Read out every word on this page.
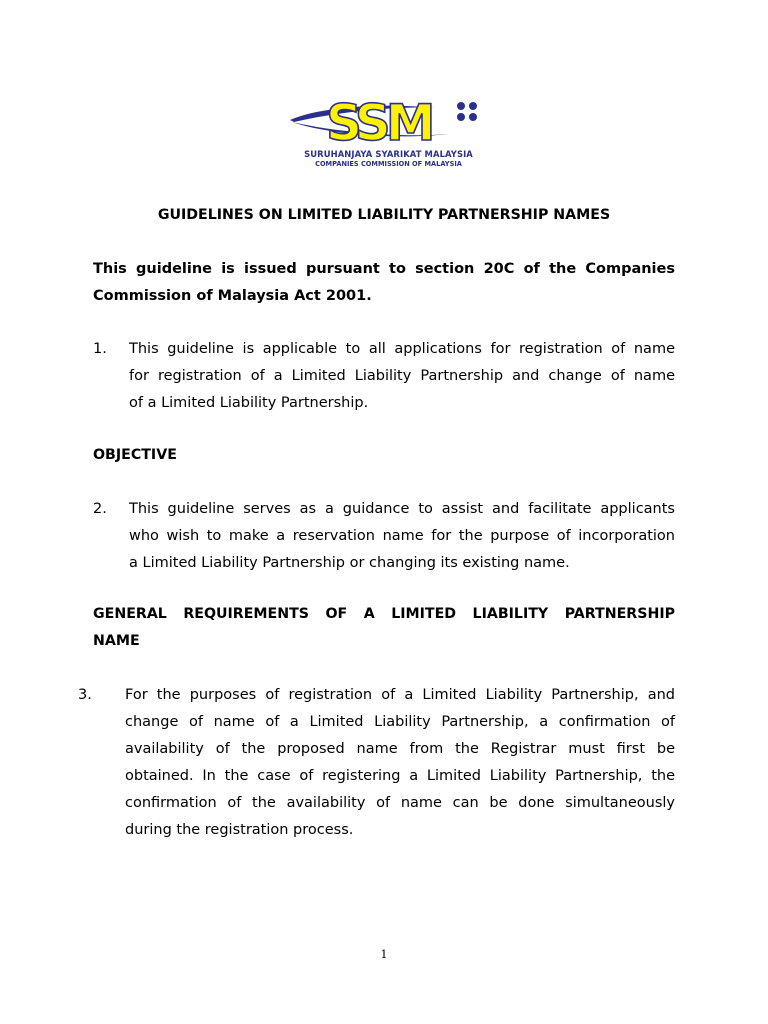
SSM
SURUHANJAYA SYARIKAT MALAYSIA
COMPANIES COMMISSION OF MALAYSIA
GUIDELINES ON LIMITED LIABILITY PARTNERSHIP NAMES

This guideline is issued pursuant to section 20C of the Companies
Commission of Malaysia Act 2001.

1. This guideline is applicable to all applications for registration of name
for registration of a Limited Liability Partnership and change of name
of a Limited Liability Partnership.

OBJECTIVE
2. This guideline serves as a guidance to assist and facilitate applicants
who wish to make a reservation name for the purpose of incorporation
a Limited Liability Partnership or changing its existing name.

GENERAL REQUIREMENTS OF A LIMITED LIABILITY PARTNERSHIP
NAME

3. For the purposes of registration of a Limited Liability Partnership, and
change of name of a Limited Liability Partnership, a confirmation of
availability of the proposed name from the Registrar must first be
obtained. In the case of registering a Limited Liability Partnership, the
confirmation of the availability of name can be done simultaneously
during the registration process.

1
